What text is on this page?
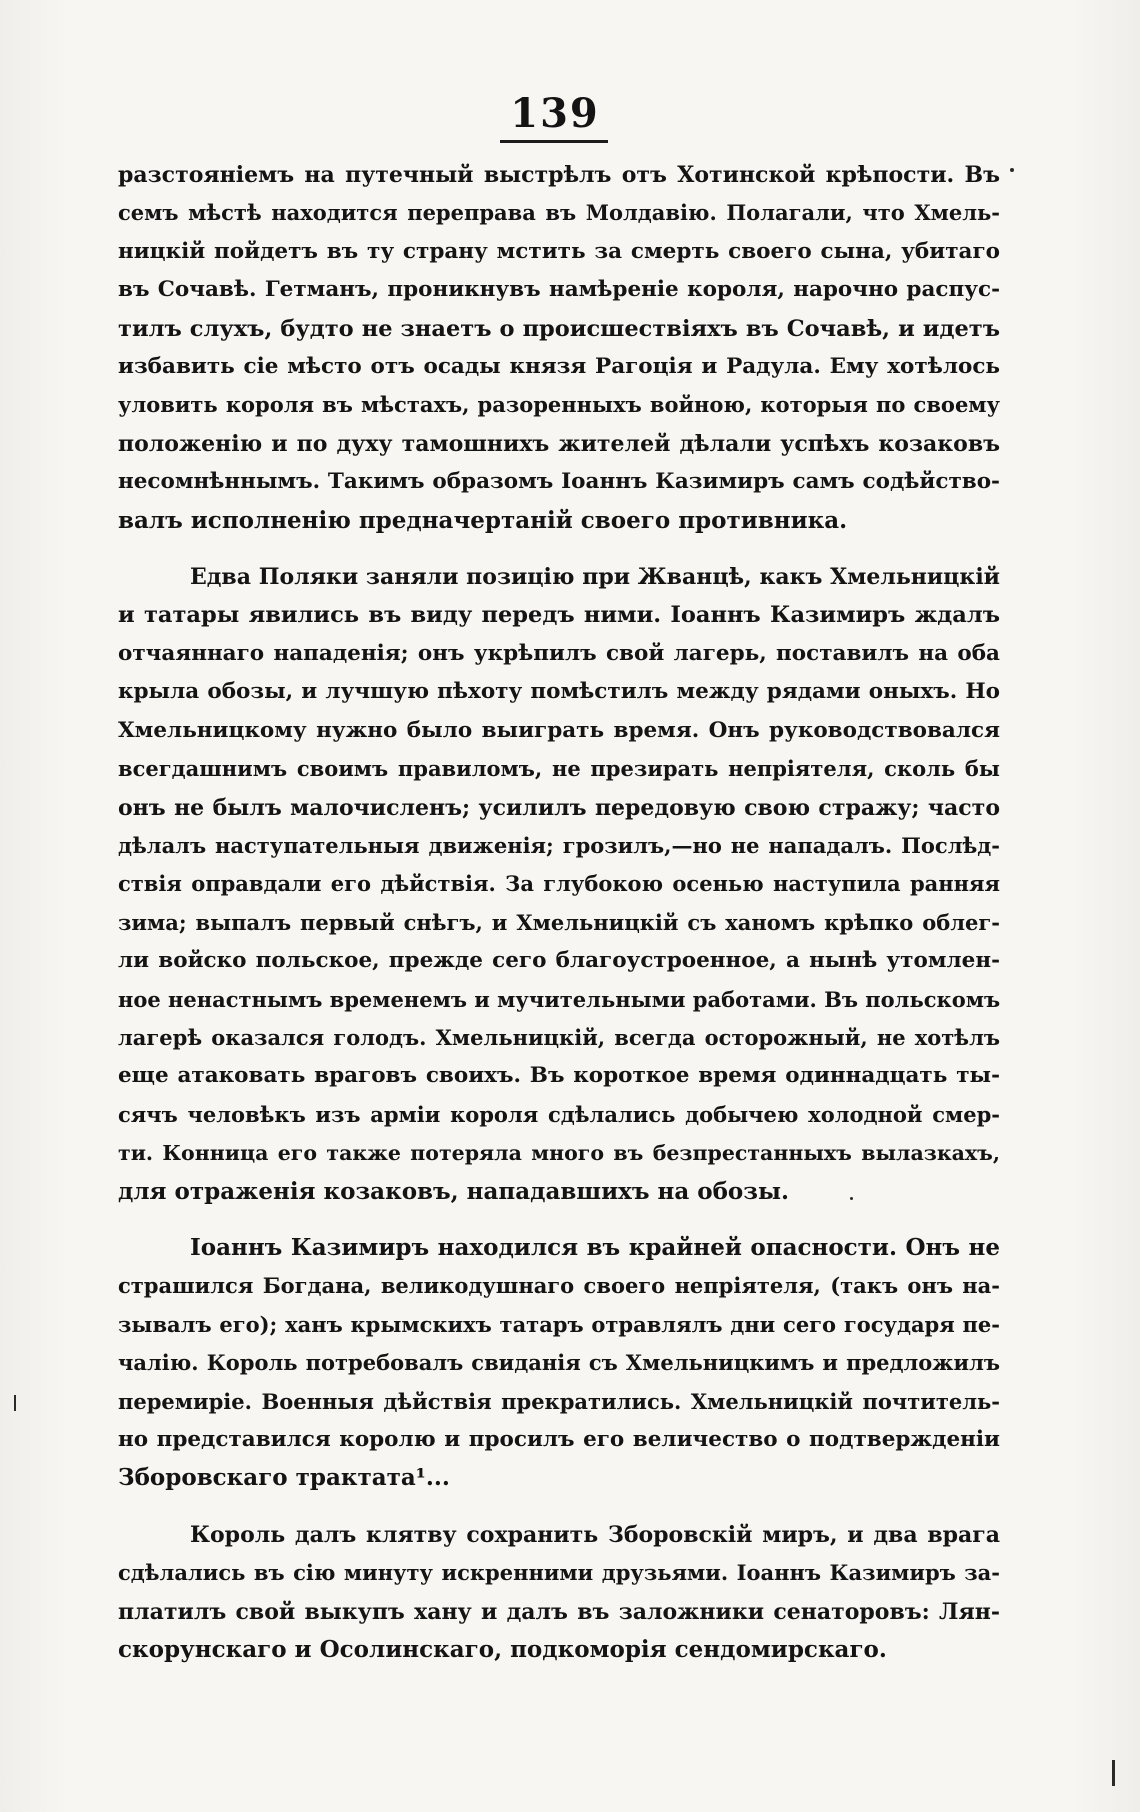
139

разстояніемъ на путечный выстрѣлъ отъ Хотинской крѣпости. Въ
семъ мѣстѣ находится переправа въ Молдавію. Полагали, что Хмель-
ницкій пойдетъ въ ту страну мстить за смерть своего сына, убитаго
въ Сочавѣ. Гетманъ, проникнувъ намѣреніе короля, нарочно распус-
тилъ слухъ, будто не знаетъ о происшествіяхъ въ Сочавѣ, и идетъ
избавить сіе мѣсто отъ осады князя Рагоція и Радула. Ему хотѣлось
уловить короля въ мѣстахъ, разоренныхъ войною, которыя по своему
положенію и по духу тамошнихъ жителей дѣлали успѣхъ козаковъ
несомнѣннымъ. Такимъ образомъ Іоаннъ Казимиръ самъ содѣйство-
валъ исполненію предначертаній своего противника.

Едва Поляки заняли позицію при Жванцѣ, какъ Хмельницкій
и татары явились въ виду передъ ними. Іоаннъ Казимиръ ждалъ
отчаяннаго нападенія; онъ укрѣпилъ свой лагерь, поставилъ на оба
крыла обозы, и лучшую пѣхоту помѣстилъ между рядами оныхъ. Но
Хмельницкому нужно было выиграть время. Онъ руководствовался
всегдашнимъ своимъ правиломъ, не презирать непріятеля, сколь бы
онъ не былъ малочисленъ; усилилъ передовую свою стражу; часто
дѣлалъ наступательныя движенія; грозилъ,—но не нападалъ. Послѣд-
ствія оправдали его дѣйствія. За глубокою осенью наступила ранняя
зима; выпалъ первый снѣгъ, и Хмельницкій съ ханомъ крѣпко облег-
ли войско польское, прежде сего благоустроенное, а нынѣ утомлен-
ное ненастнымъ временемъ и мучительными работами. Въ польскомъ
лагерѣ оказался голодъ. Хмельницкій, всегда осторожный, не хотѣлъ
еще атаковать враговъ своихъ. Въ короткое время одиннадцать ты-
сячъ человѣкъ изъ арміи короля сдѣлались добычею холодной смер-
ти. Конница его также потеряла много въ безпрестанныхъ вылазкахъ,
для отраженія козаковъ, нападавшихъ на обозы.

Іоаннъ Казимиръ находился въ крайней опасности. Онъ не
страшился Богдана, великодушнаго своего непріятеля, (такъ онъ на-
зывалъ его); ханъ крымскихъ татаръ отравлялъ дни сего государя пе-
чалію. Король потребовалъ свиданія съ Хмельницкимъ и предложилъ
перемиріе. Военныя дѣйствія прекратились. Хмельницкій почтитель-
но представился королю и просилъ его величество о подтвержденіи
Зборовскаго трактата¹...

Король далъ клятву сохранить Зборовскій миръ, и два врага
сдѣлались въ сію минуту искренними друзьями. Іоаннъ Казимиръ за-
платилъ свой выкупъ хану и далъ въ заложники сенаторовъ: Лян-
скорунскаго и Осолинскаго, подкоморія сендомирскаго.
